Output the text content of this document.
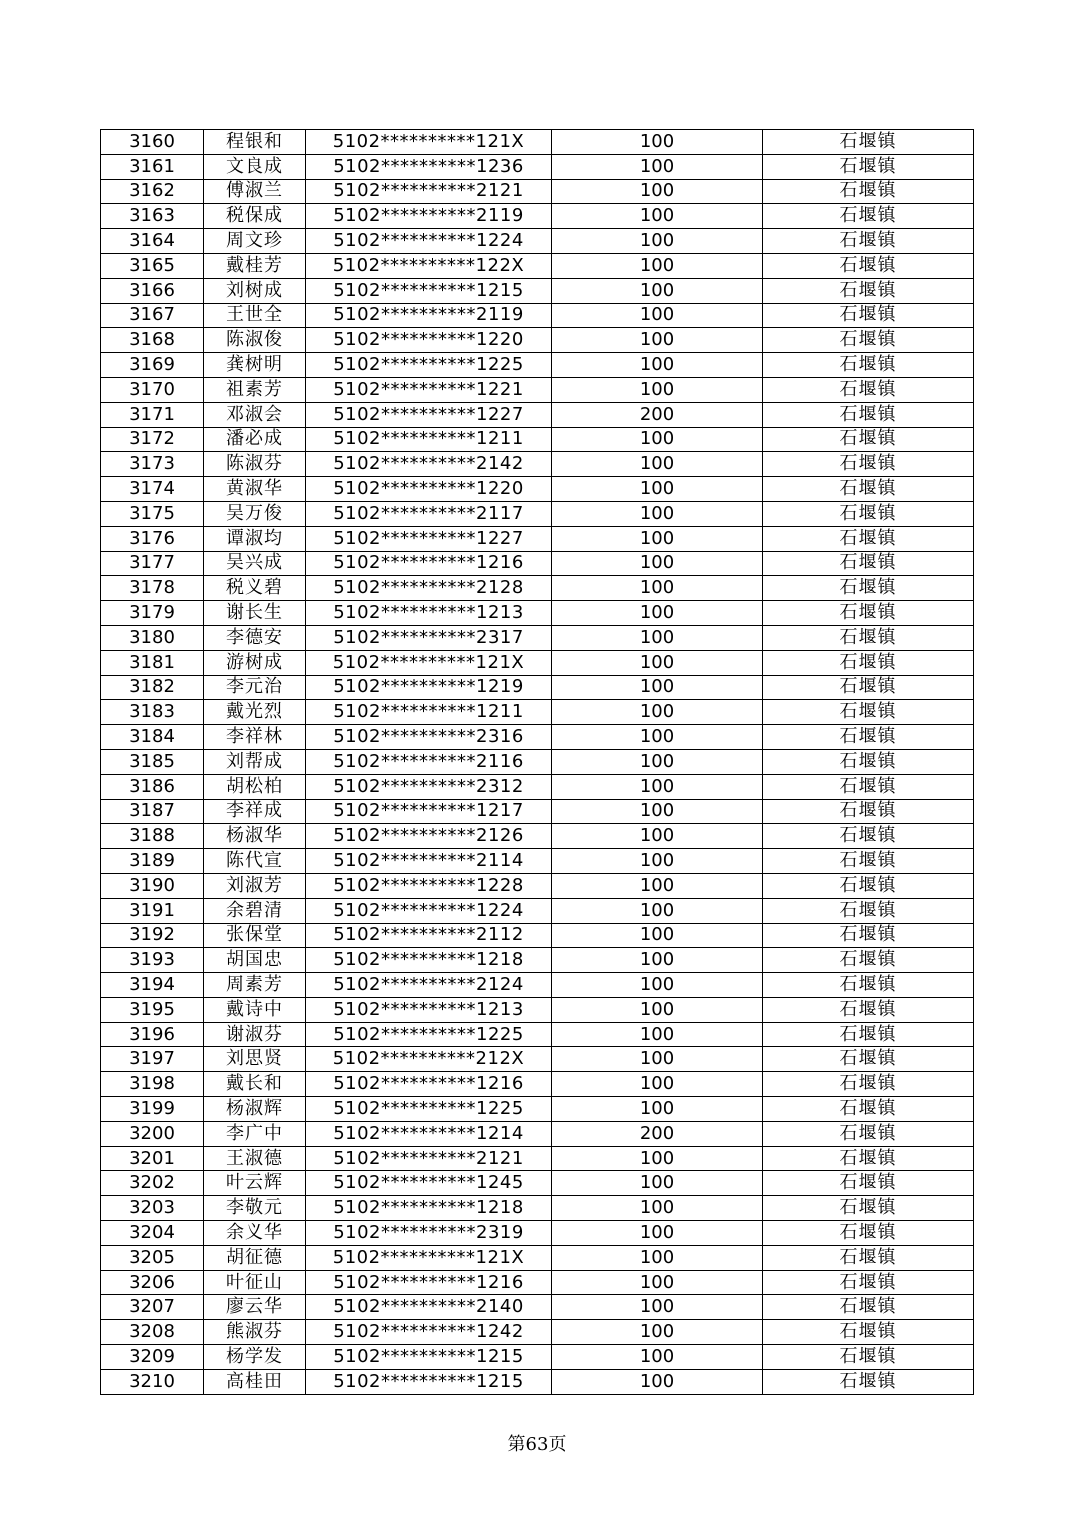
3160	程银和	5102**********121X	100	石堰镇
3161	文良成	5102**********1236	100	石堰镇
3162	傅淑兰	5102**********2121	100	石堰镇
3163	税保成	5102**********2119	100	石堰镇
3164	周文珍	5102**********1224	100	石堰镇
3165	戴桂芳	5102**********122X	100	石堰镇
3166	刘树成	5102**********1215	100	石堰镇
3167	王世全	5102**********2119	100	石堰镇
3168	陈淑俊	5102**********1220	100	石堰镇
3169	龚树明	5102**********1225	100	石堰镇
3170	祖素芳	5102**********1221	100	石堰镇
3171	邓淑会	5102**********1227	200	石堰镇
3172	潘必成	5102**********1211	100	石堰镇
3173	陈淑芬	5102**********2142	100	石堰镇
3174	黄淑华	5102**********1220	100	石堰镇
3175	吴万俊	5102**********2117	100	石堰镇
3176	谭淑均	5102**********1227	100	石堰镇
3177	吴兴成	5102**********1216	100	石堰镇
3178	税义碧	5102**********2128	100	石堰镇
3179	谢长生	5102**********1213	100	石堰镇
3180	李德安	5102**********2317	100	石堰镇
3181	游树成	5102**********121X	100	石堰镇
3182	李元治	5102**********1219	100	石堰镇
3183	戴光烈	5102**********1211	100	石堰镇
3184	李祥林	5102**********2316	100	石堰镇
3185	刘帮成	5102**********2116	100	石堰镇
3186	胡松柏	5102**********2312	100	石堰镇
3187	李祥成	5102**********1217	100	石堰镇
3188	杨淑华	5102**********2126	100	石堰镇
3189	陈代宣	5102**********2114	100	石堰镇
3190	刘淑芳	5102**********1228	100	石堰镇
3191	余碧清	5102**********1224	100	石堰镇
3192	张保堂	5102**********2112	100	石堰镇
3193	胡国忠	5102**********1218	100	石堰镇
3194	周素芳	5102**********2124	100	石堰镇
3195	戴诗中	5102**********1213	100	石堰镇
3196	谢淑芬	5102**********1225	100	石堰镇
3197	刘思贤	5102**********212X	100	石堰镇
3198	戴长和	5102**********1216	100	石堰镇
3199	杨淑辉	5102**********1225	100	石堰镇
3200	李广中	5102**********1214	200	石堰镇
3201	王淑德	5102**********2121	100	石堰镇
3202	叶云辉	5102**********1245	100	石堰镇
3203	李敬元	5102**********1218	100	石堰镇
3204	余义华	5102**********2319	100	石堰镇
3205	胡征德	5102**********121X	100	石堰镇
3206	叶征山	5102**********1216	100	石堰镇
3207	廖云华	5102**********2140	100	石堰镇
3208	熊淑芬	5102**********1242	100	石堰镇
3209	杨学发	5102**********1215	100	石堰镇
3210	高桂田	5102**********1215	100	石堰镇
第63页
